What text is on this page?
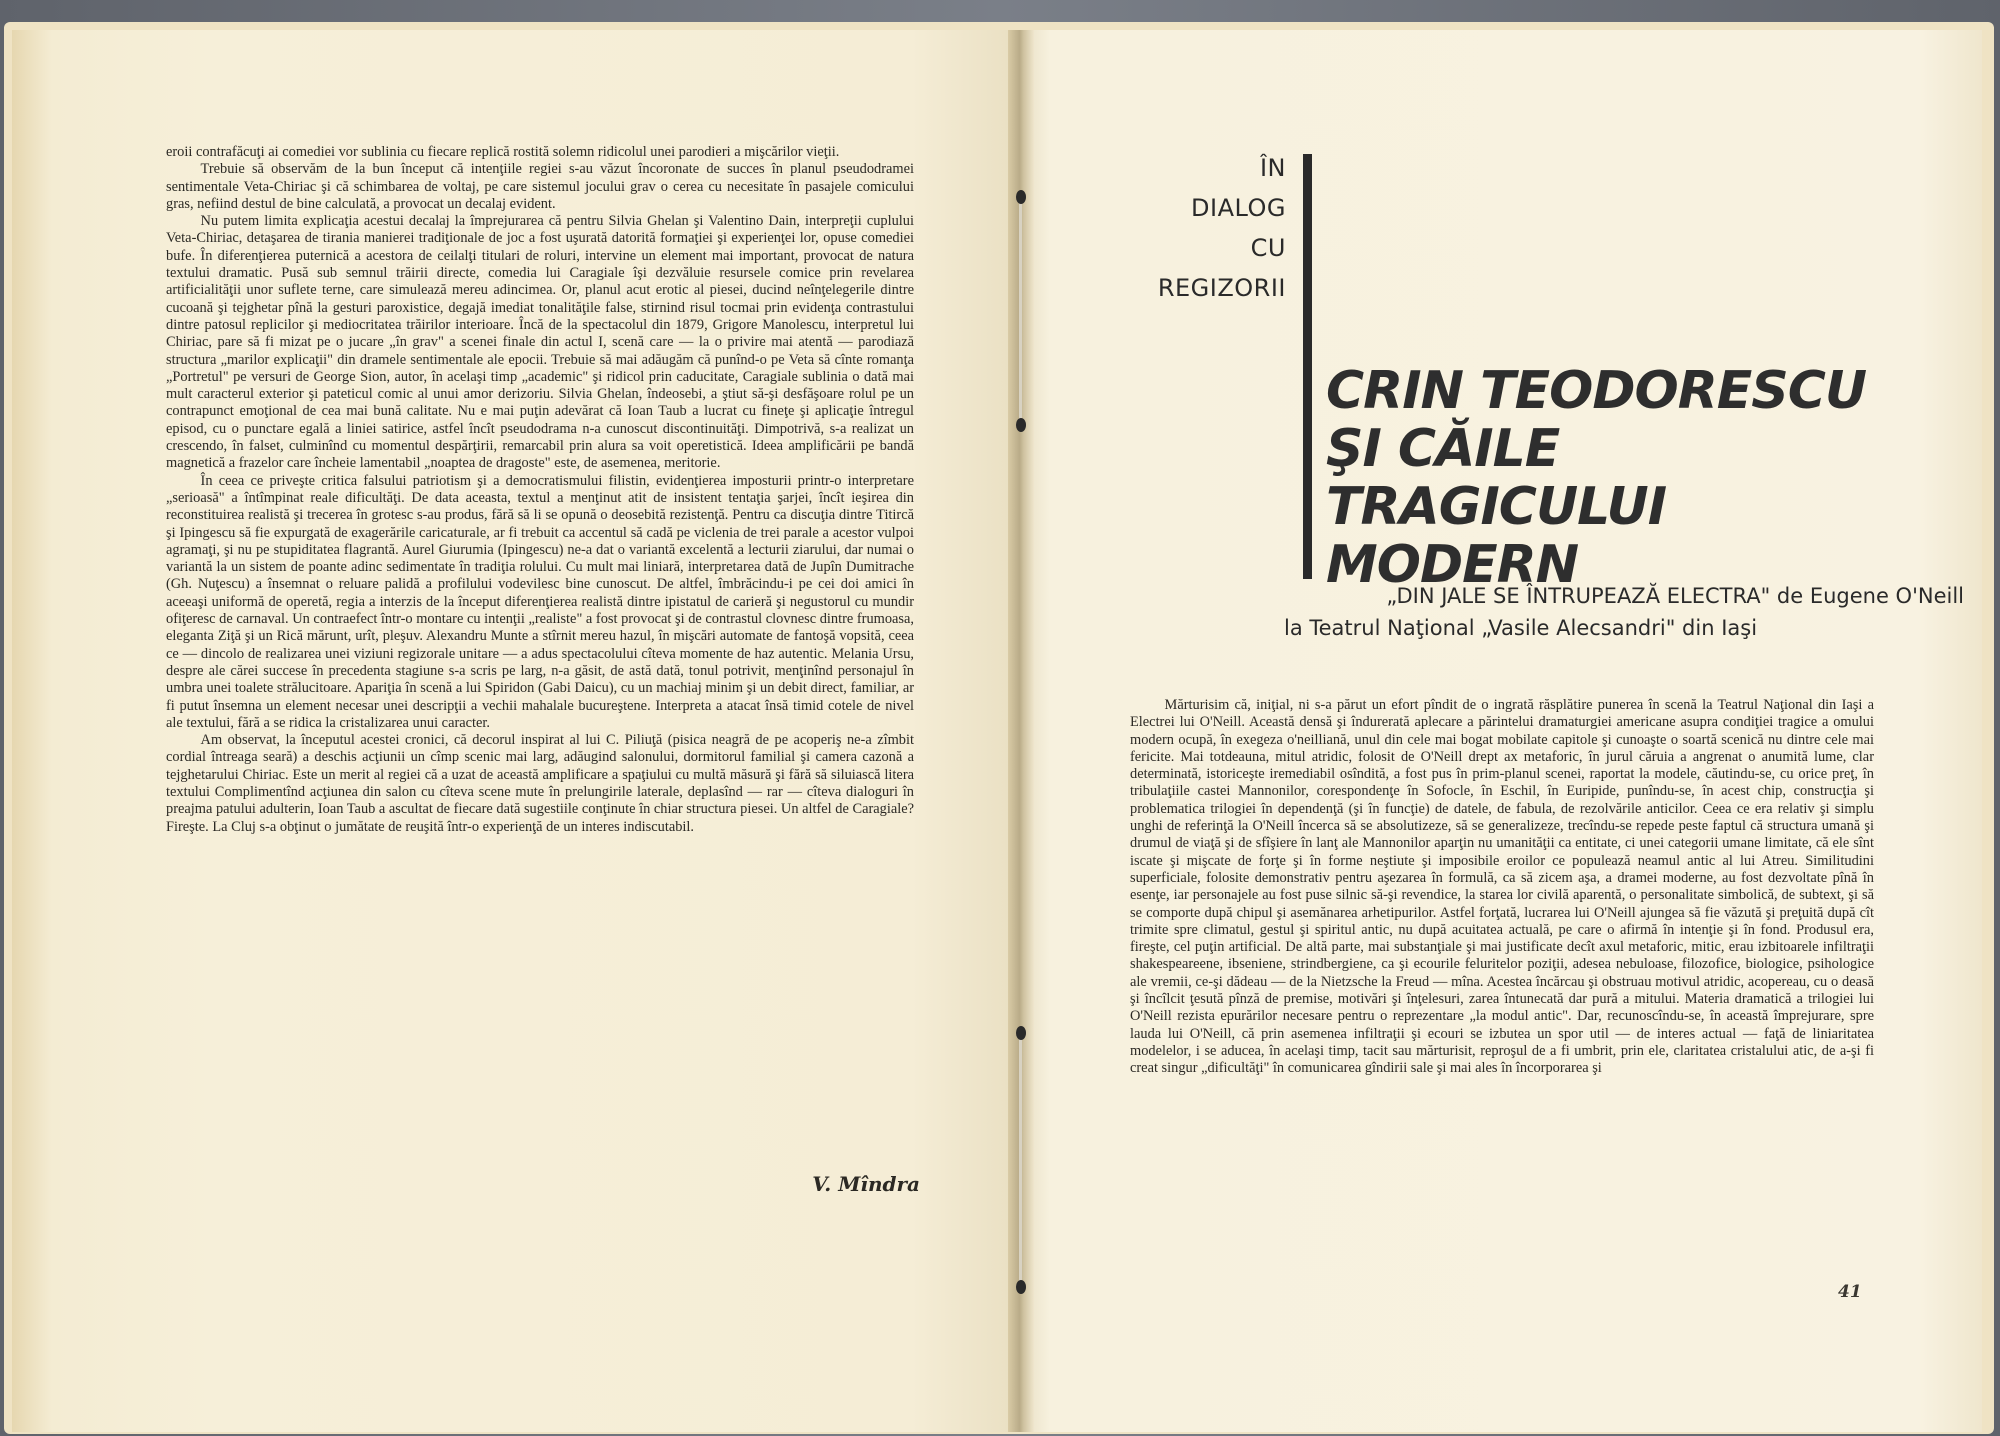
eroii contrafăcuţi ai comediei vor sublinia cu fiecare replică rostită solemn ridicolul unei parodieri a mişcărilor vieţii.

Trebuie să observăm de la bun început că intenţiile regiei s-au văzut încoronate de succes în planul pseudodramei sentimentale Veta-Chiriac şi că schimbarea de voltaj, pe care sistemul jocului grav o cerea cu necesitate în pasajele comicului gras, nefiind destul de bine calculată, a provocat un decalaj evident.

Nu putem limita explicaţia acestui decalaj la împrejurarea că pentru Silvia Ghelan şi Valentino Dain, interpreţii cuplului Veta-Chiriac, detaşarea de tirania manierei tradiţionale de joc a fost uşurată datorită formaţiei şi experienţei lor, opuse comediei bufe. În diferenţierea puternică a acestora de ceilalţi titulari de roluri, intervine un element mai important, provocat de natura textului dramatic. Pusă sub semnul trăirii directe, comedia lui Caragiale îşi dezvăluie resursele comice prin revelarea artificialităţii unor suflete terne, care simulează mereu adincimea. Or, planul acut erotic al piesei, ducind neînţelegerile dintre cucoană şi tejghetar pînă la gesturi paroxistice, degajă imediat tonalităţile false, stirnind risul tocmai prin evidenţa contrastului dintre patosul replicilor şi mediocritatea trăirilor interioare. Încă de la spectacolul din 1879, Grigore Manolescu, interpretul lui Chiriac, pare să fi mizat pe o jucare „în grav" a scenei finale din actul I, scenă care — la o privire mai atentă — parodiază structura „marilor explicaţii" din dramele sentimentale ale epocii. Trebuie să mai adăugăm că punînd-o pe Veta să cînte romanţa „Portretul" pe versuri de George Sion, autor, în acelaşi timp „academic" şi ridicol prin caducitate, Caragiale sublinia o dată mai mult caracterul exterior şi pateticul comic al unui amor derizoriu. Silvia Ghelan, îndeosebi, a ştiut să-şi desfăşoare rolul pe un contrapunct emoţional de cea mai bună calitate. Nu e mai puţin adevărat că Ioan Taub a lucrat cu fineţe şi aplicaţie întregul episod, cu o punctare egală a liniei satirice, astfel încît pseudodrama n-a cunoscut discontinuităţi. Dimpotrivă, s-a realizat un crescendo, în falset, culminînd cu momentul despărţirii, remarcabil prin alura sa voit operetistică. Ideea amplificării pe bandă magnetică a frazelor care încheie lamentabil „noaptea de dragoste" este, de asemenea, meritorie.

În ceea ce priveşte critica falsului patriotism şi a democratismului filistin, evidenţierea imposturii printr-o interpretare „serioasă" a întîmpinat reale dificultăţi. De data aceasta, textul a menţinut atit de insistent tentaţia şarjei, încît ieşirea din reconstituirea realistă şi trecerea în grotesc s-au produs, fără să li se opună o deosebită rezistenţă. Pentru ca discuţia dintre Titircă şi Ipingescu să fie expurgată de exagerările caricaturale, ar fi trebuit ca accentul să cadă pe viclenia de trei parale a acestor vulpoi agramaţi, şi nu pe stupiditatea flagrantă. Aurel Giurumia (Ipingescu) ne-a dat o variantă excelentă a lecturii ziarului, dar numai o variantă la un sistem de poante adinc sedimentate în tradiţia rolului. Cu mult mai liniară, interpretarea dată de Jupîn Dumitrache (Gh. Nuţescu) a însemnat o reluare palidă a profilului vodevilesc bine cunoscut. De altfel, îmbrăcindu-i pe cei doi amici în aceeaşi uniformă de operetă, regia a interzis de la început diferenţierea realistă dintre ipistatul de carieră şi negustorul cu mundir ofiţeresc de carnaval. Un contraefect într-o montare cu intenţii „realiste" a fost provocat şi de contrastul clovnesc dintre frumoasa, eleganta Ziţă şi un Rică mărunt, urît, pleşuv. Alexandru Munte a stîrnit mereu hazul, în mişcări automate de fantoşă vopsită, ceea ce — dincolo de realizarea unei viziuni regizorale unitare — a adus spectacolului cîteva momente de haz autentic. Melania Ursu, despre ale cărei succese în precedenta stagiune s-a scris pe larg, n-a găsit, de astă dată, tonul potrivit, menţinînd personajul în umbra unei toalete strălucitoare. Apariţia în scenă a lui Spiridon (Gabi Daicu), cu un machiaj minim şi un debit direct, familiar, ar fi putut însemna un element necesar unei descripţii a vechii mahalale bucureştene. Interpreta a atacat însă timid cotele de nivel ale textului, fără a se ridica la cristalizarea unui caracter.

Am observat, la începutul acestei cronici, că decorul inspirat al lui C. Piliuţă (pisica neagră de pe acoperiş ne-a zîmbit cordial întreaga seară) a deschis acţiunii un cîmp scenic mai larg, adăugind salonului, dormitorul familial şi camera cazonă a tejghetarului Chiriac. Este un merit al regiei că a uzat de această amplificare a spaţiului cu multă măsură şi fără să siluiască litera textului Complimentînd acţiunea din salon cu cîteva scene mute în prelungirile laterale, deplasînd — rar — cîteva dialoguri în preajma patului adulterin, Ioan Taub a ascultat de fiecare dată sugestiile conţinute în chiar structura piesei. Un altfel de Caragiale? Fireşte. La Cluj s-a obţinut o jumătate de reuşită într-o experienţă de un interes indiscutabil.

V. Mîndra
ÎN
DIALOG
CU
REGIZORII
CRIN TEODORESCU
ŞI CĂILE
TRAGICULUI MODERN
„DIN JALE SE ÎNTRUPEAZĂ ELECTRA" de Eugene O'Neill
la Teatrul Naţional „Vasile Alecsandri" din Iaşi

Mărturisim că, iniţial, ni s-a părut un efort pîndit de o ingrată răsplătire punerea în scenă la Teatrul Naţional din Iaşi a Electrei lui O'Neill. Această densă şi îndurerată aplecare a părintelui dramaturgiei americane asupra condiţiei tragice a omului modern ocupă, în exegeza o'neilliană, unul din cele mai bogat mobilate capitole şi cunoaşte o soartă scenică nu dintre cele mai fericite. Mai totdeauna, mitul atridic, folosit de O'Neill drept ax metaforic, în jurul căruia a angrenat o anumită lume, clar determinată, istoriceşte iremediabil osîndită, a fost pus în prim-planul scenei, raportat la modele, căutindu-se, cu orice preţ, în tribulaţiile castei Mannonilor, corespondenţe în Sofocle, în Eschil, în Euripide, punîndu-se, în acest chip, construcţia şi problematica trilogiei în dependenţă (şi în funcţie) de datele, de fabula, de rezolvările anticilor. Ceea ce era relativ şi simplu unghi de referinţă la O'Neill încerca să se absolutizeze, să se generalizeze, trecîndu-se repede peste faptul că structura umană şi drumul de viaţă şi de sfîşiere în lanţ ale Mannonilor aparţin nu umanităţii ca entitate, ci unei categorii umane limitate, că ele sînt iscate şi mişcate de forţe şi în forme neştiute şi imposibile eroilor ce populează neamul antic al lui Atreu. Similitudini superficiale, folosite demonstrativ pentru aşezarea în formulă, ca să zicem aşa, a dramei moderne, au fost dezvoltate pînă în esenţe, iar personajele au fost puse silnic să-şi revendice, la starea lor civilă aparentă, o personalitate simbolică, de subtext, şi să se comporte după chipul şi asemănarea arhetipurilor. Astfel forţată, lucrarea lui O'Neill ajungea să fie văzută şi preţuită după cît trimite spre climatul, gestul şi spiritul antic, nu după acuitatea actuală, pe care o afirmă în intenţie şi în fond. Produsul era, fireşte, cel puţin artificial. De altă parte, mai substanţiale şi mai justificate decît axul metaforic, mitic, erau izbitoarele infiltraţii shakespeareene, ibseniene, strindbergiene, ca şi ecourile feluritelor poziţii, adesea nebuloase, filozofice, biologice, psihologice ale vremii, ce-şi dădeau — de la Nietzsche la Freud — mîna. Acestea încărcau şi obstruau motivul atridic, acopereau, cu o deasă şi încîlcit ţesută pînză de premise, motivări şi înţelesuri, zarea întunecată dar pură a mitului. Materia dramatică a trilogiei lui O'Neill rezista epurărilor necesare pentru o reprezentare „la modul antic". Dar, recunoscîndu-se, în această împrejurare, spre lauda lui O'Neill, că prin asemenea infiltraţii şi ecouri se izbutea un spor util — de interes actual — faţă de liniaritatea modelelor, i se aducea, în acelaşi timp, tacit sau mărturisit, reproşul de a fi umbrit, prin ele, claritatea cristalului atic, de a-şi fi creat singur „dificultăţi" în comunicarea gîndirii sale şi mai ales în încorporarea şi

41
